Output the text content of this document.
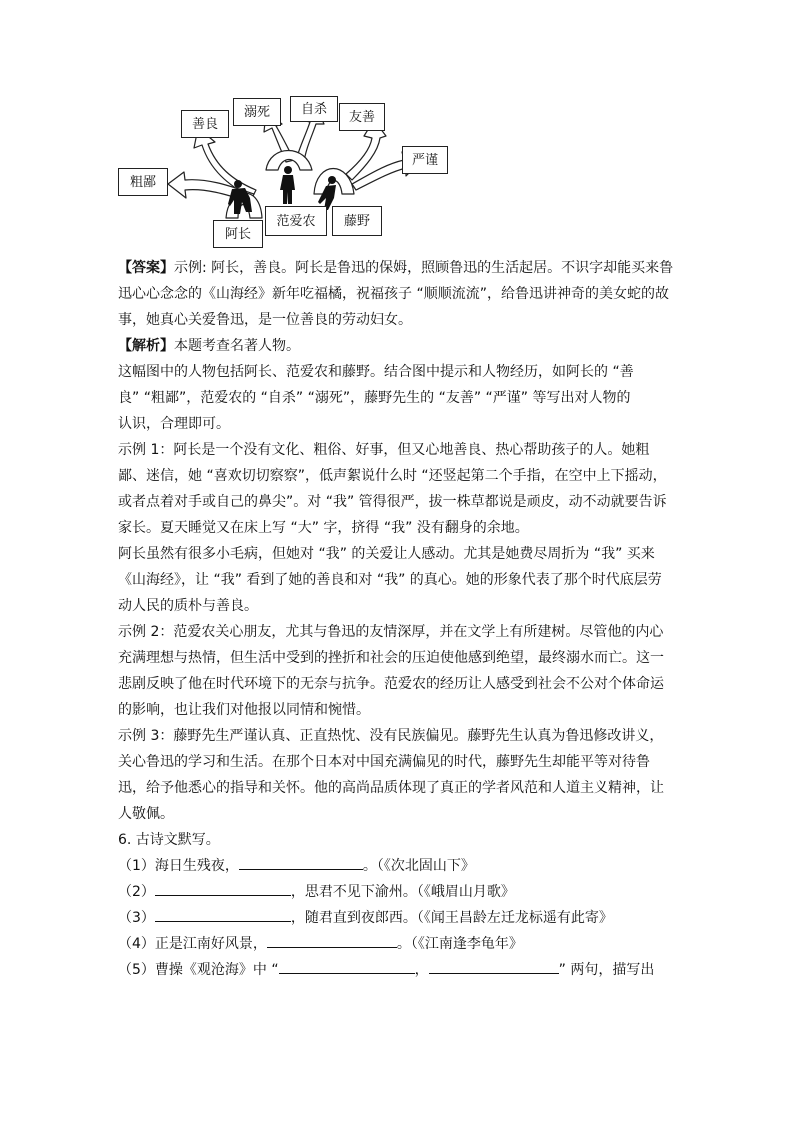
善良
溺死 自杀
友善
粗鄙
严谨
阿长
范爱农 藤野

【答案】示例: 阿长，善良。阿长是鲁迅的保姆，照顾鲁迅的生活起居。不识字却能买来鲁

迅心心念念的《山海经》新年吃福橘，祝福孩子 “顺顺流流”，给鲁迅讲神奇的美女蛇的故

事，她真心关爱鲁迅，是一位善良的劳动妇女。

【解析】本题考查名著人物。

这幅图中的人物包括阿长、范爱农和藤野。结合图中提示和人物经历，如阿长的 “善

良” “粗鄙”，范爱农的 “自杀” “溺死”，藤野先生的 “友善” “严谨” 等写出对人物的

认识，合理即可。

示例 1：阿长是一个没有文化、粗俗、好事，但又心地善良、热心帮助孩子的人。她粗

鄙、迷信，她 “喜欢切切察察”，低声絮说什么时 “还竖起第二个手指，在空中上下摇动，

或者点着对手或自己的鼻尖”。对 “我” 管得很严，拔一株草都说是顽皮，动不动就要告诉

家长。夏天睡觉又在床上写 “大” 字，挤得 “我” 没有翻身的余地。

阿长虽然有很多小毛病，但她对 “我” 的关爱让人感动。尤其是她费尽周折为 “我” 买来

《山海经》，让 “我” 看到了她的善良和对 “我” 的真心。她的形象代表了那个时代底层劳

动人民的质朴与善良。

示例 2：范爱农关心朋友，尤其与鲁迅的友情深厚，并在文学上有所建树。尽管他的内心

充满理想与热情，但生活中受到的挫折和社会的压迫使他感到绝望，最终溺水而亡。这一

悲剧反映了他在时代环境下的无奈与抗争。范爱农的经历让人感受到社会不公对个体命运

的影响，也让我们对他报以同情和惋惜。

示例 3：藤野先生严谨认真、正直热忱、没有民族偏见。藤野先生认真为鲁迅修改讲义，

关心鲁迅的学习和生活。在那个日本对中国充满偏见的时代，藤野先生却能平等对待鲁

迅，给予他悉心的指导和关怀。他的高尚品质体现了真正的学者风范和人道主义精神，让

人敬佩。

6. 古诗文默写。

（1）海日生残夜，	。（《次北固山下》

（2）	，思君不见下渝州。（《峨眉山月歌》

（3）	，随君直到夜郎西。（《闻王昌龄左迁龙标遥有此寄》

（4）正是江南好风景，	。（《江南逢李龟年》

（5）曹操《观沧海》中 “	，	” 两句，描写出
